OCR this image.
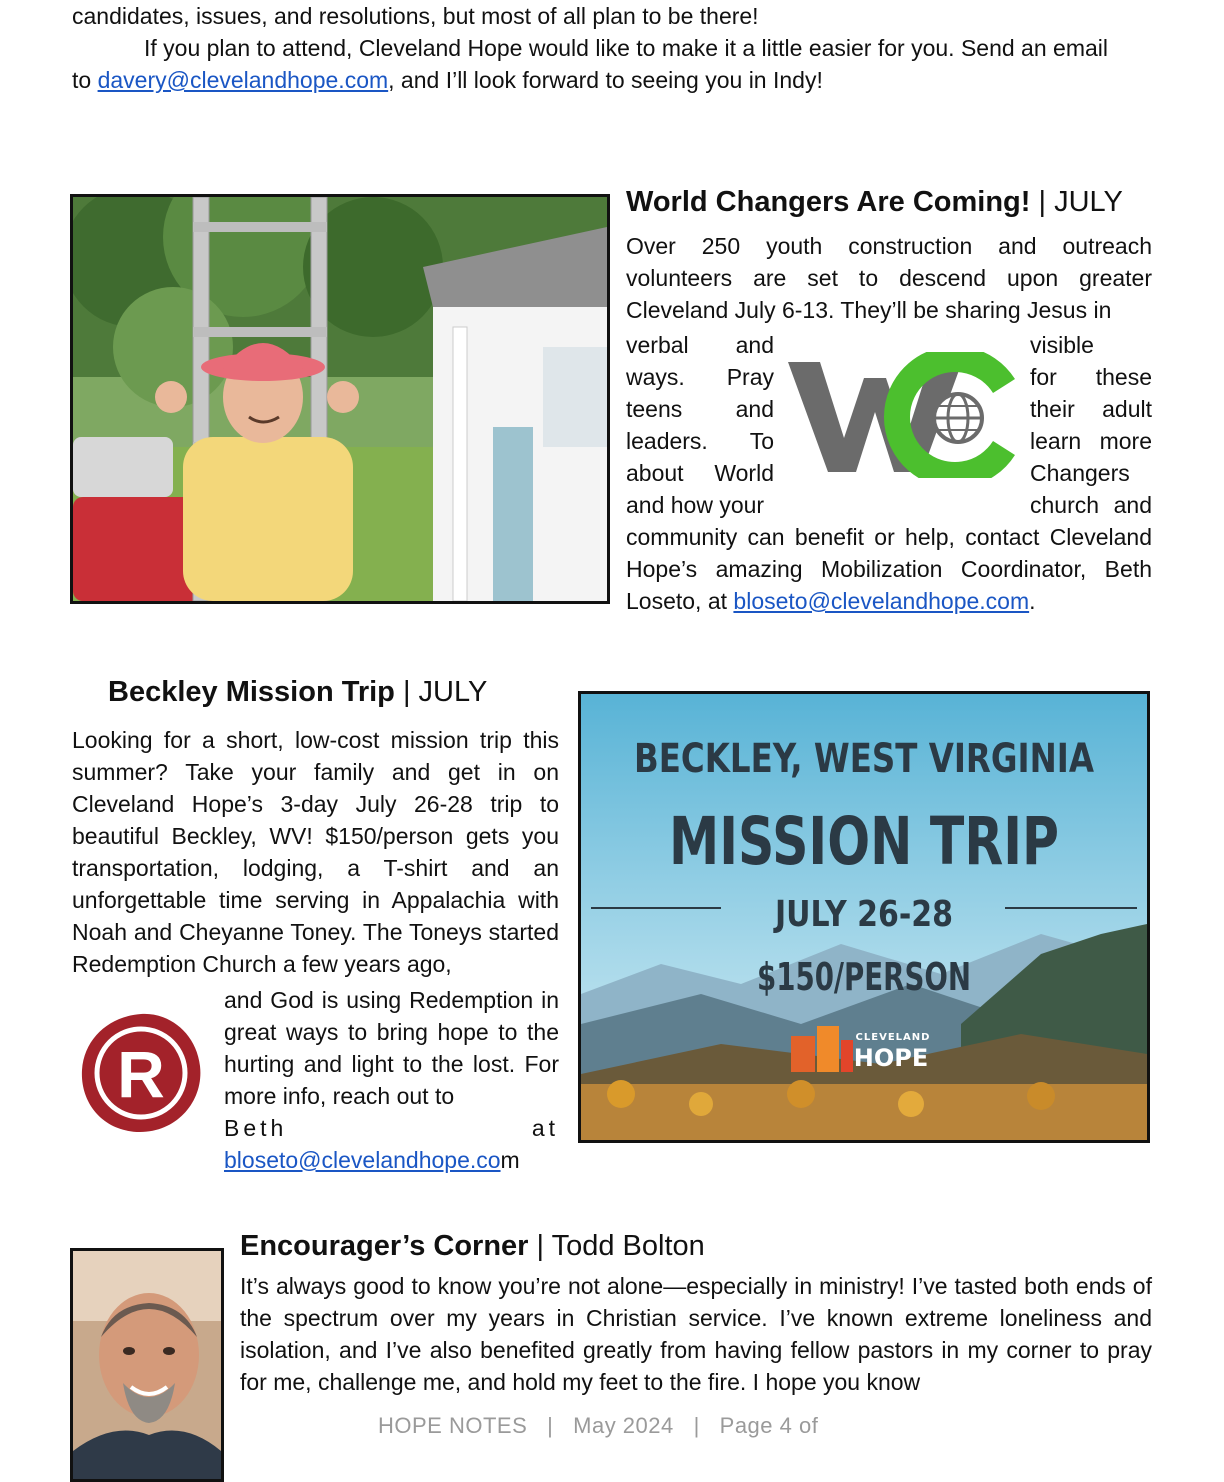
candidates, issues, and resolutions, but most of all plan to be there!
If you plan to attend, Cleveland Hope would like to make it a little easier for you. Send an email
to davery@clevelandhope.com, and I’ll look forward to seeing you in Indy!
World Changers Are Coming! | JULY
Over 250 youth construction and outreach volunteers are set to descend upon greater Cleveland July 6-13. They’ll be sharing Jesus in
verbal and
ways. Pray
teens and
leaders. To
about World
and how your
visible
for these
their adult
learn more
Changers
church and
community can benefit or help, contact Cleveland Hope’s amazing Mobilization Coordinator, Beth Loseto, at bloseto@clevelandhope.com.
Beckley Mission Trip | JULY
Looking for a short, low-cost mission trip this summer? Take your family and get in on Cleveland Hope’s 3-day July 26-28 trip to beautiful Beckley, WV! $150/person gets you transportation, lodging, a T-shirt and an unforgettable time serving in Appalachia with Noah and Cheyanne Toney. The Toneys started Redemption Church a few years ago,
R
and God is using Redemption in great ways to bring hope to the hurting and light to the lost. For more info, reach out to
Beth	at
bloseto@clevelandhope.com
BECKLEY, WEST VIRGINIA
MISSION TRIP
JULY 26-28
$150/PERSON
CLEVELAND
HOPE
Encourager’s Corner | Todd Bolton
It’s always good to know you’re not alone—especially in ministry! I’ve tasted both ends of the spectrum over my years in Christian service. I’ve known extreme loneliness and isolation, and I’ve also benefited greatly from having fellow pastors in my corner to pray for me, challenge me, and hold my feet to the fire. I hope you know
HOPE NOTES   |   May 2024   |   Page 4 of
